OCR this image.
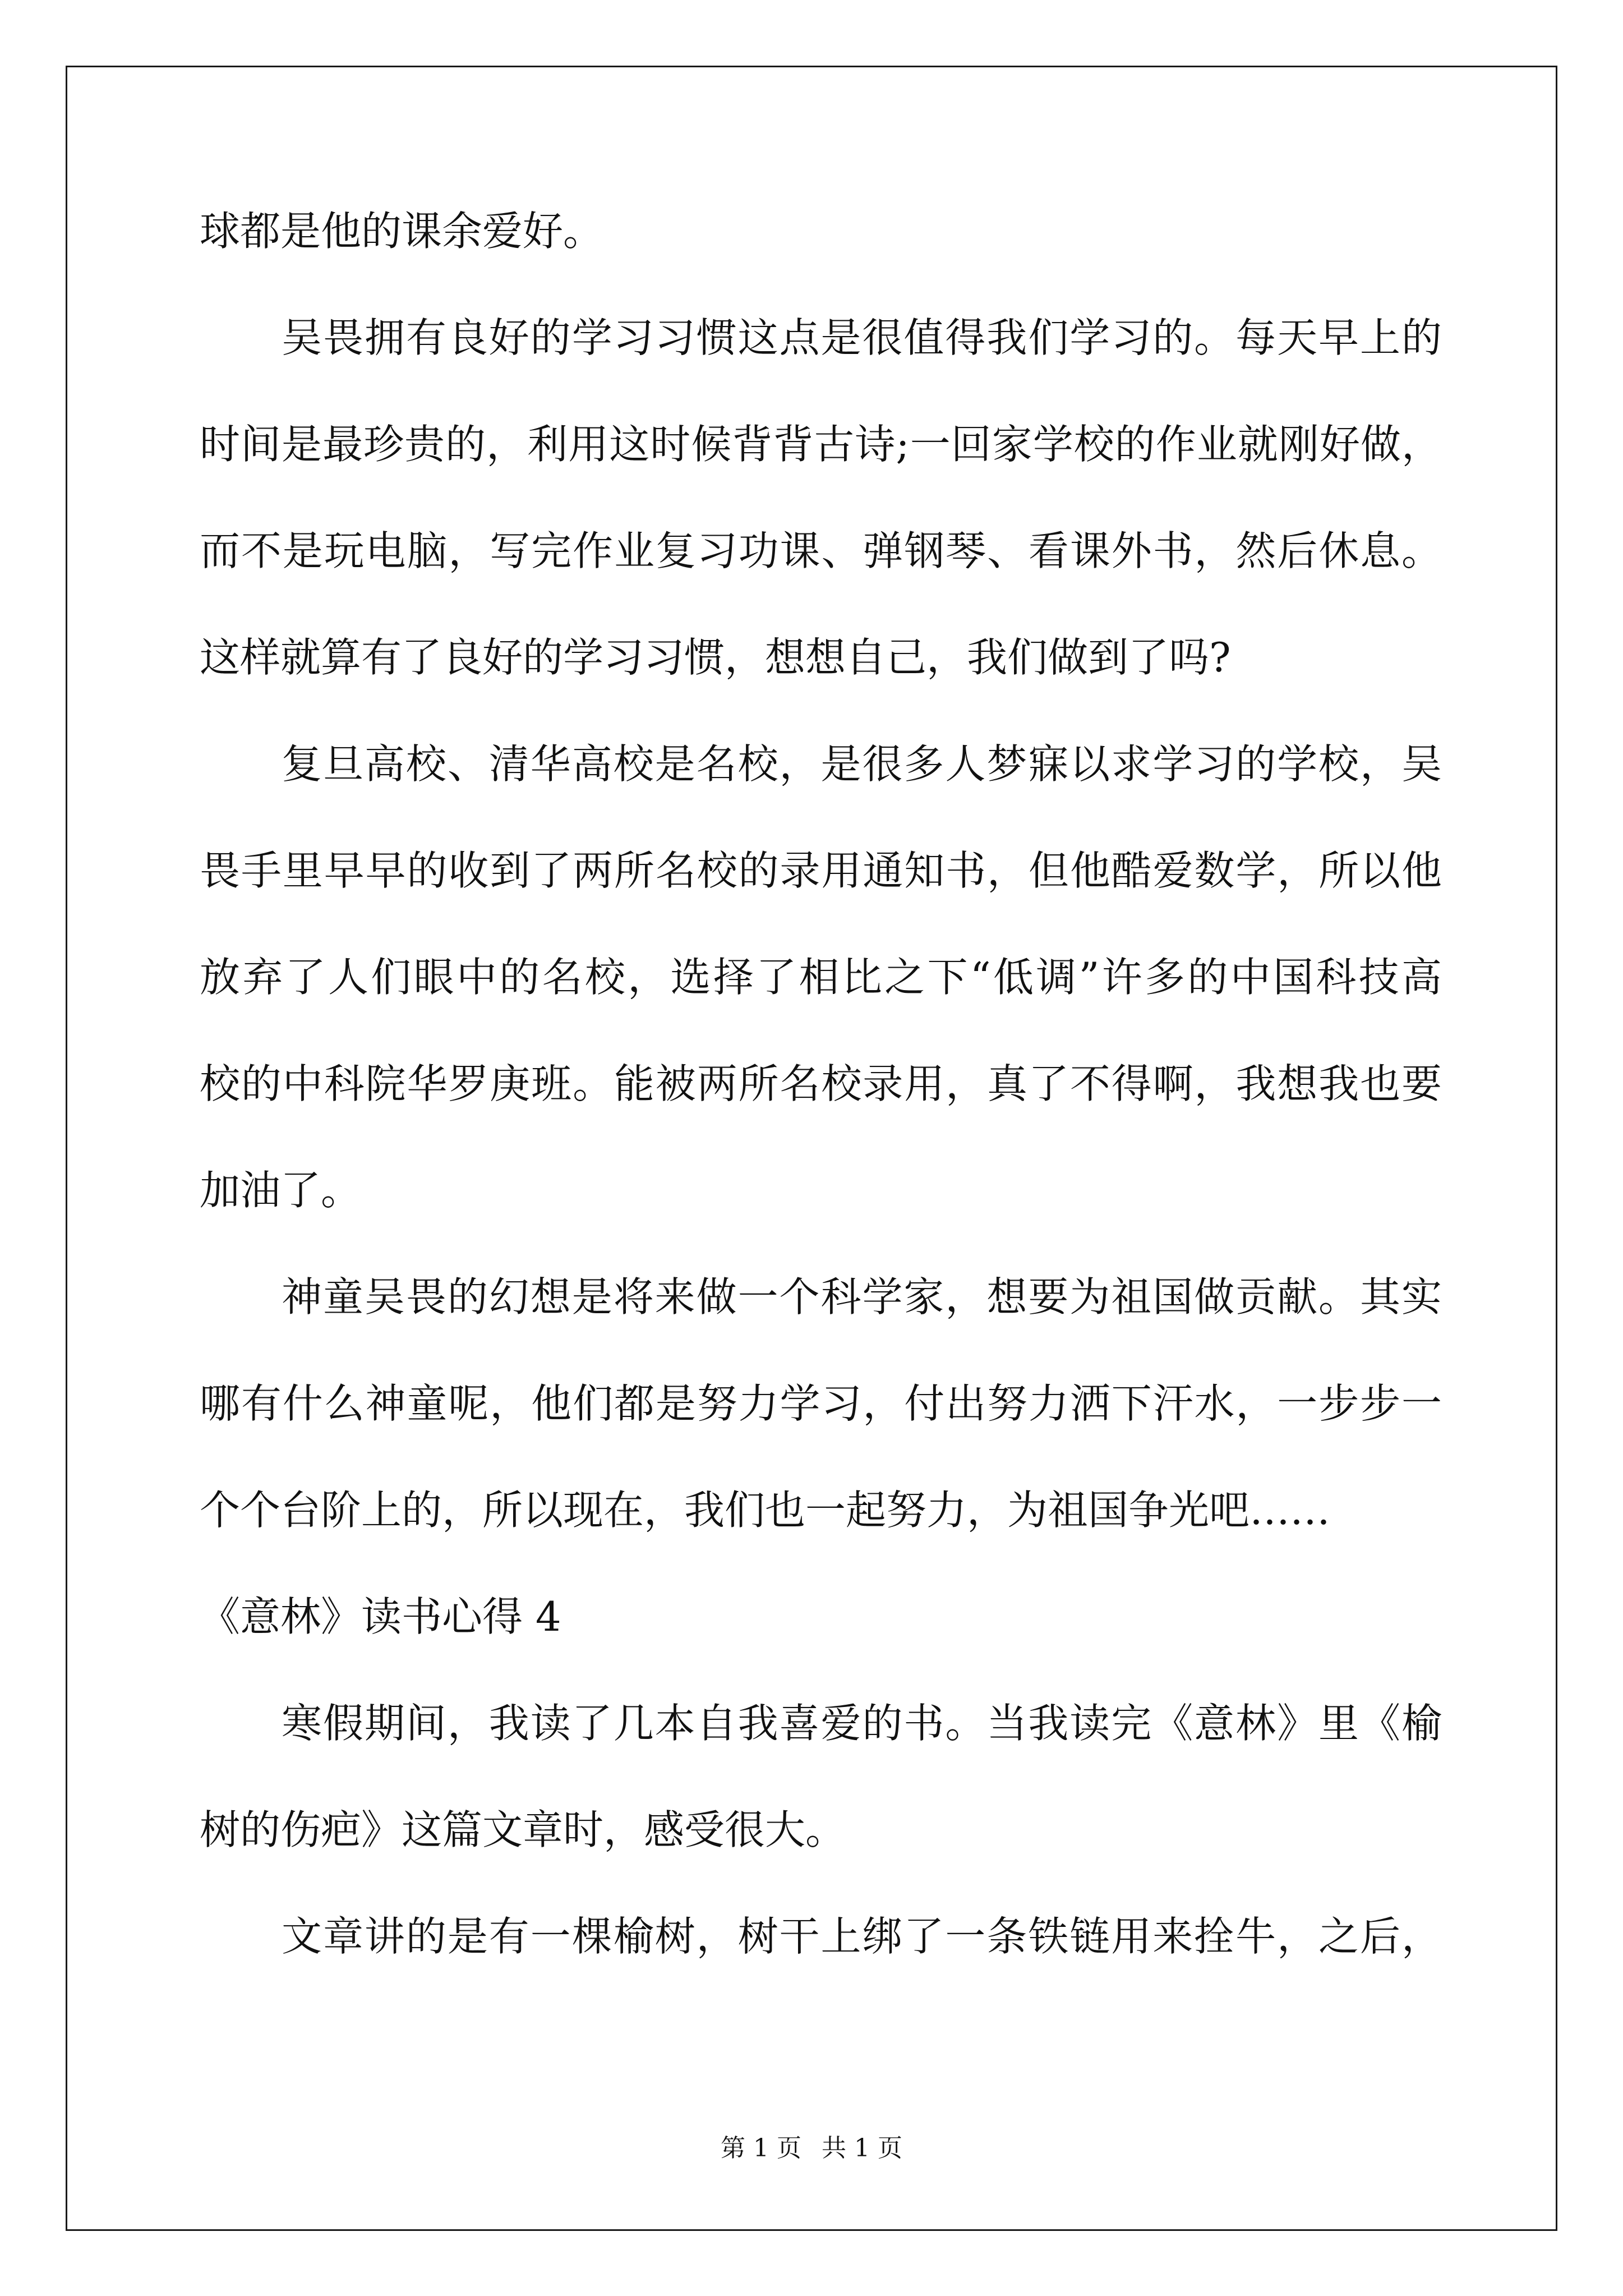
球都是他的课余爱好。
吴畏拥有良好的学习习惯这点是很值得我们学习的。每天早上的
时间是最珍贵的，利用这时候背背古诗;一回家学校的作业就刚好做，
而不是玩电脑，写完作业复习功课、弹钢琴、看课外书，然后休息。
这样就算有了良好的学习习惯，想想自己，我们做到了吗?
复旦高校、清华高校是名校，是很多人梦寐以求学习的学校，吴
畏手里早早的收到了两所名校的录用通知书，但他酷爱数学，所以他
放弃了人们眼中的名校，选择了相比之下“低调”许多的中国科技高
校的中科院华罗庚班。能被两所名校录用，真了不得啊，我想我也要
加油了。
神童吴畏的幻想是将来做一个科学家，想要为祖国做贡献。其实
哪有什么神童呢，他们都是努力学习，付出努力洒下汗水，一步步一
个个台阶上的，所以现在，我们也一起努力，为祖国争光吧……
《意林》读书心得 4
寒假期间，我读了几本自我喜爱的书。当我读完《意林》里《榆
树的伤疤》这篇文章时，感受很大。
文章讲的是有一棵榆树，树干上绑了一条铁链用来拴牛，之后，
第 1 页 共 1 页
